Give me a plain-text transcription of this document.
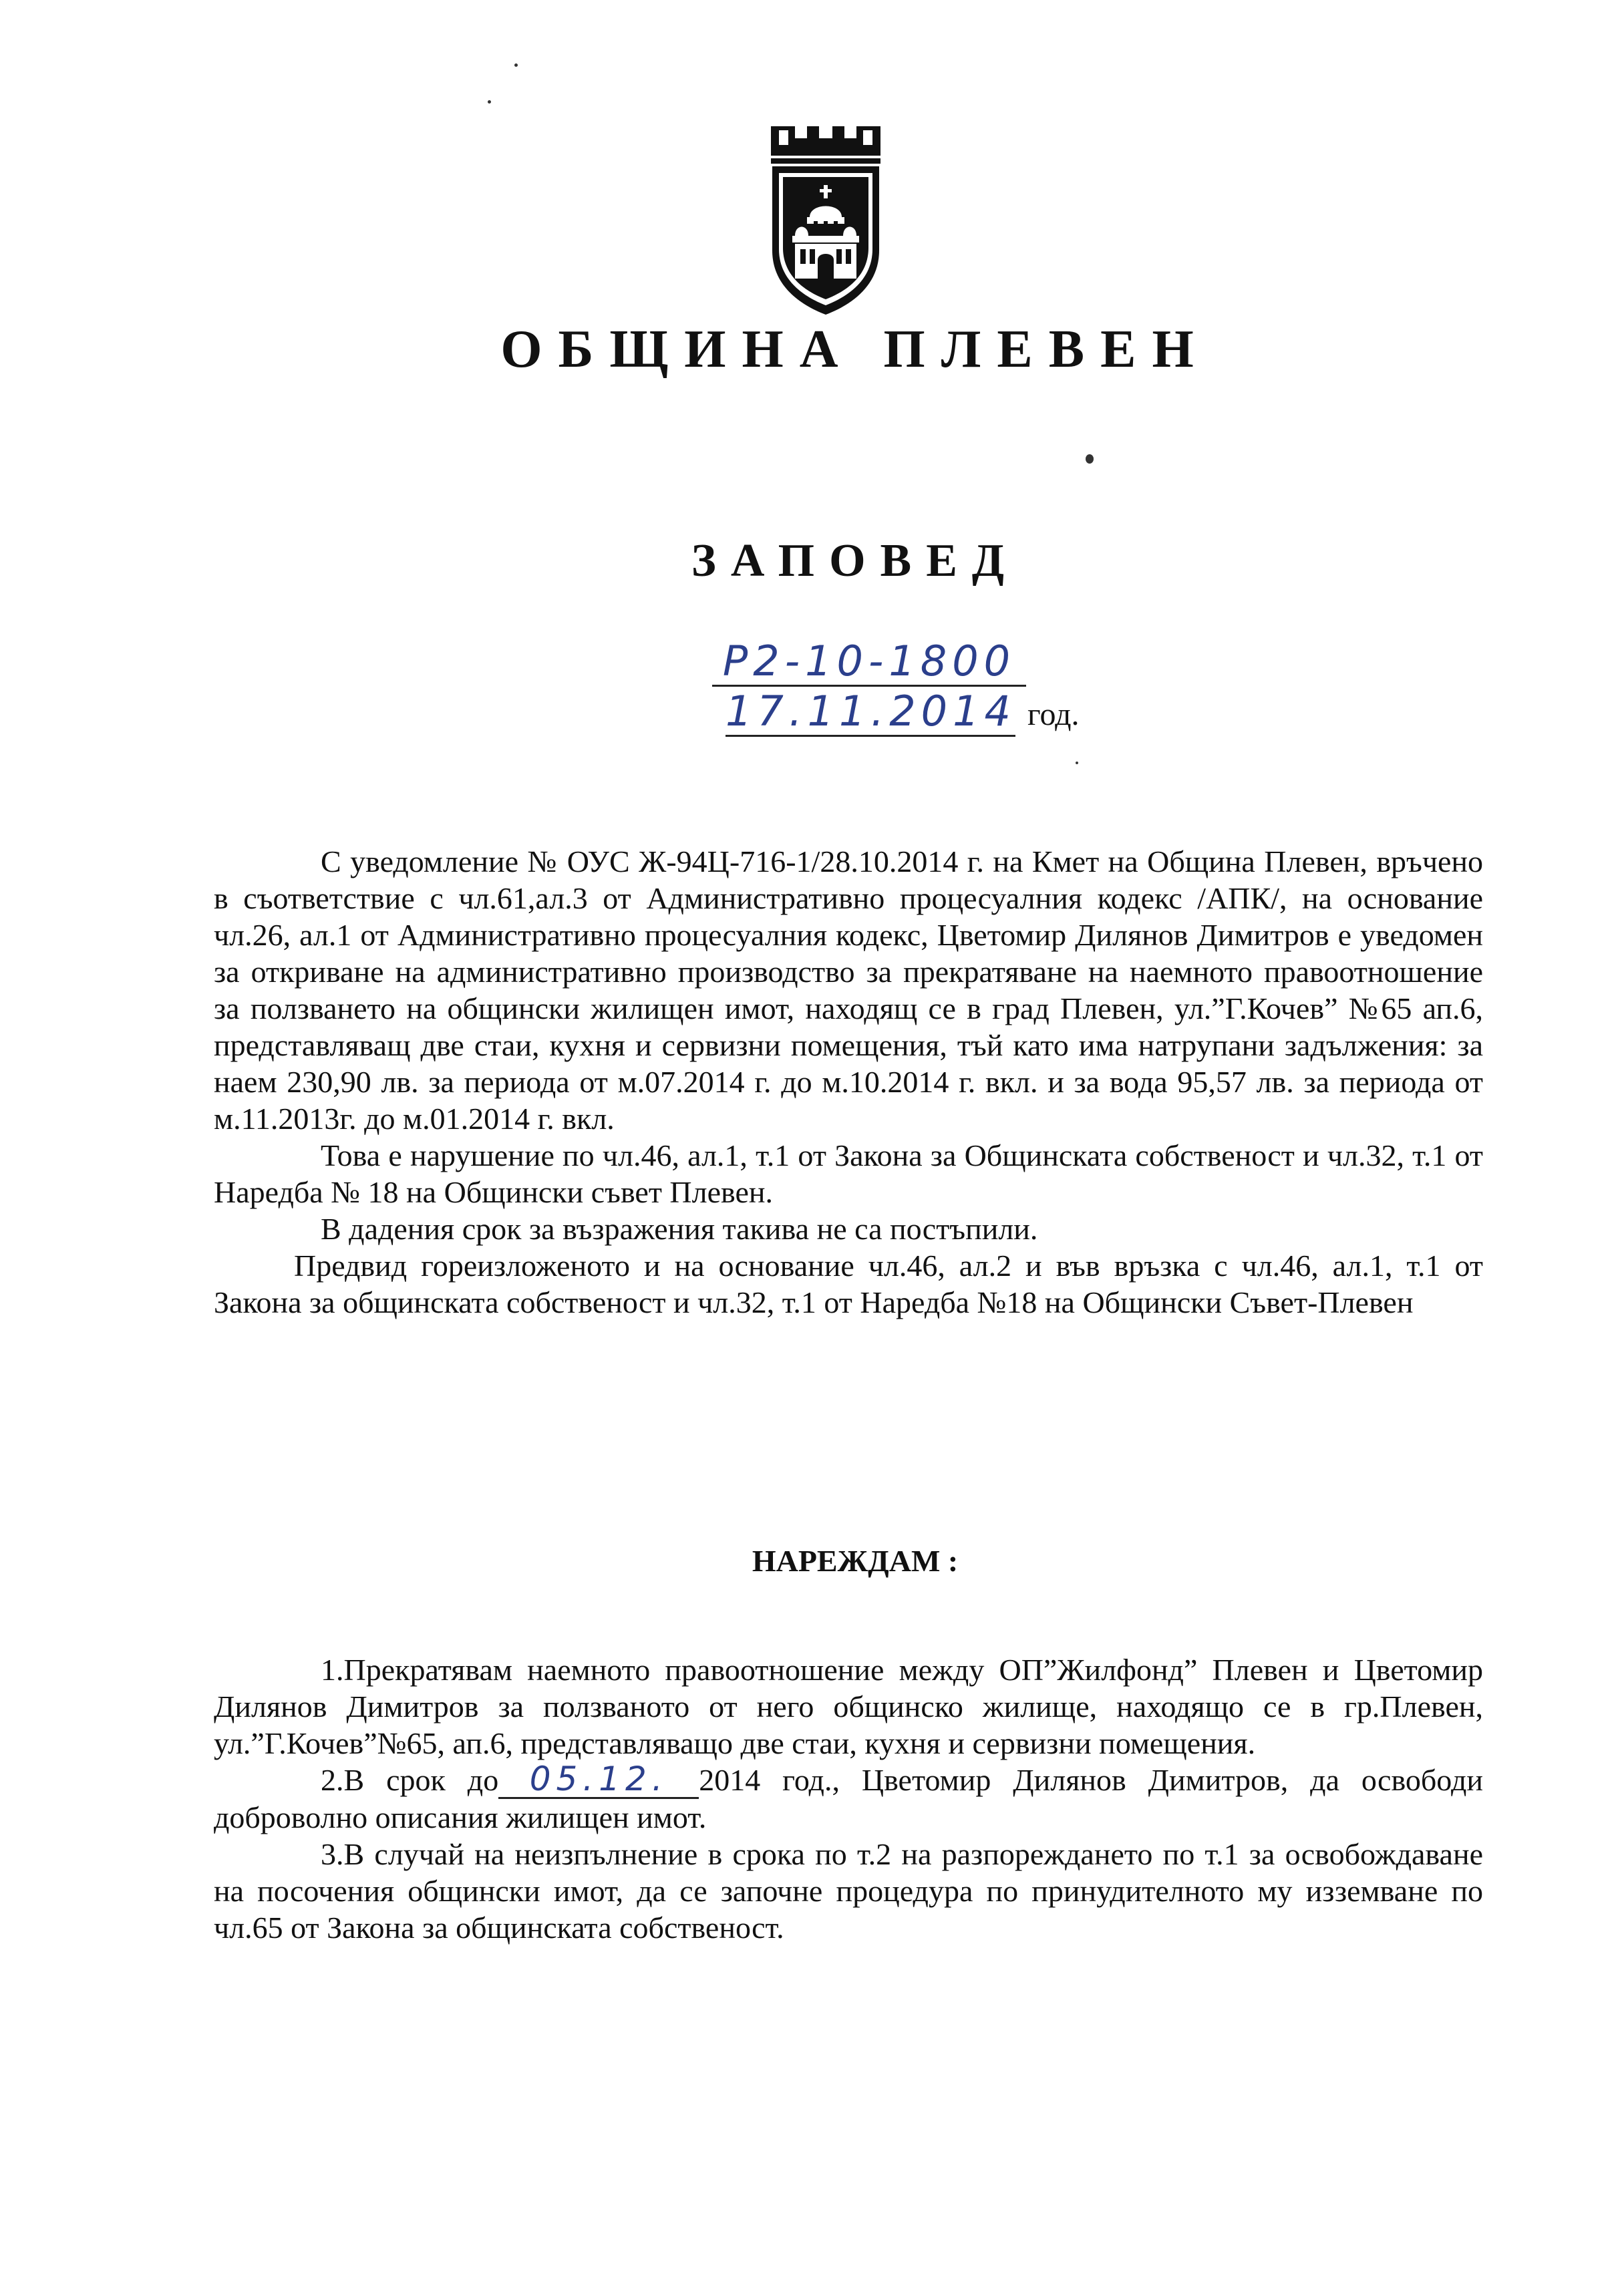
ОБЩИНА ПЛЕВЕН
ЗАПОВЕД
Р2-10-1800
17.11.2014 год.

С уведомление № ОУС Ж-94Ц-716-1/28.10.2014 г. на Кмет на Община Плевен, връчено в съответствие с чл.61,ал.3 от Административно процесуалния кодекс /АПК/, на основание чл.26, ал.1 от Административно процесуалния кодекс, Цветомир Дилянов Димитров е уведомен за откриване на административно производство за прекратяване на наемното правоотношение за ползването на общински жилищен имот, находящ се в град Плевен, ул.”Г.Кочев” №65 ап.6, представляващ две стаи, кухня и сервизни помещения, тъй като има натрупани задължения: за наем 230,90 лв. за периода от м.07.2014 г. до м.10.2014 г. вкл. и за вода 95,57 лв. за периода от м.11.2013г. до м.01.2014 г. вкл.

Това е нарушение по чл.46, ал.1, т.1 от Закона за Общинската собственост и чл.32, т.1 от Наредба № 18 на Общински съвет Плевен.

В дадения срок за възражения такива не са постъпили.

Предвид гореизложеното и на основание чл.46, ал.2 и във връзка с чл.46, ал.1, т.1 от Закона за общинската собственост и чл.32, т.1 от Наредба №18 на Общински Съвет-Плевен

НАРЕЖДАМ :

1.Прекратявам наемното правоотношение между ОП”Жилфонд” Плевен и Цветомир Дилянов Димитров за ползваното от него общинско жилище, находящо се в гр.Плевен, ул.”Г.Кочев”№65, ап.6, представляващо две стаи, кухня и сервизни помещения.

2.В срок до 05.12. 2014 год., Цветомир Дилянов Димитров, да освободи доброволно описания жилищен имот.

3.В случай на неизпълнение в срока по т.2 на разпореждането по т.1 за освобождаване на посочения общински имот, да се започне процедура по принудителното му изземване по чл.65 от Закона за общинската собственост.
